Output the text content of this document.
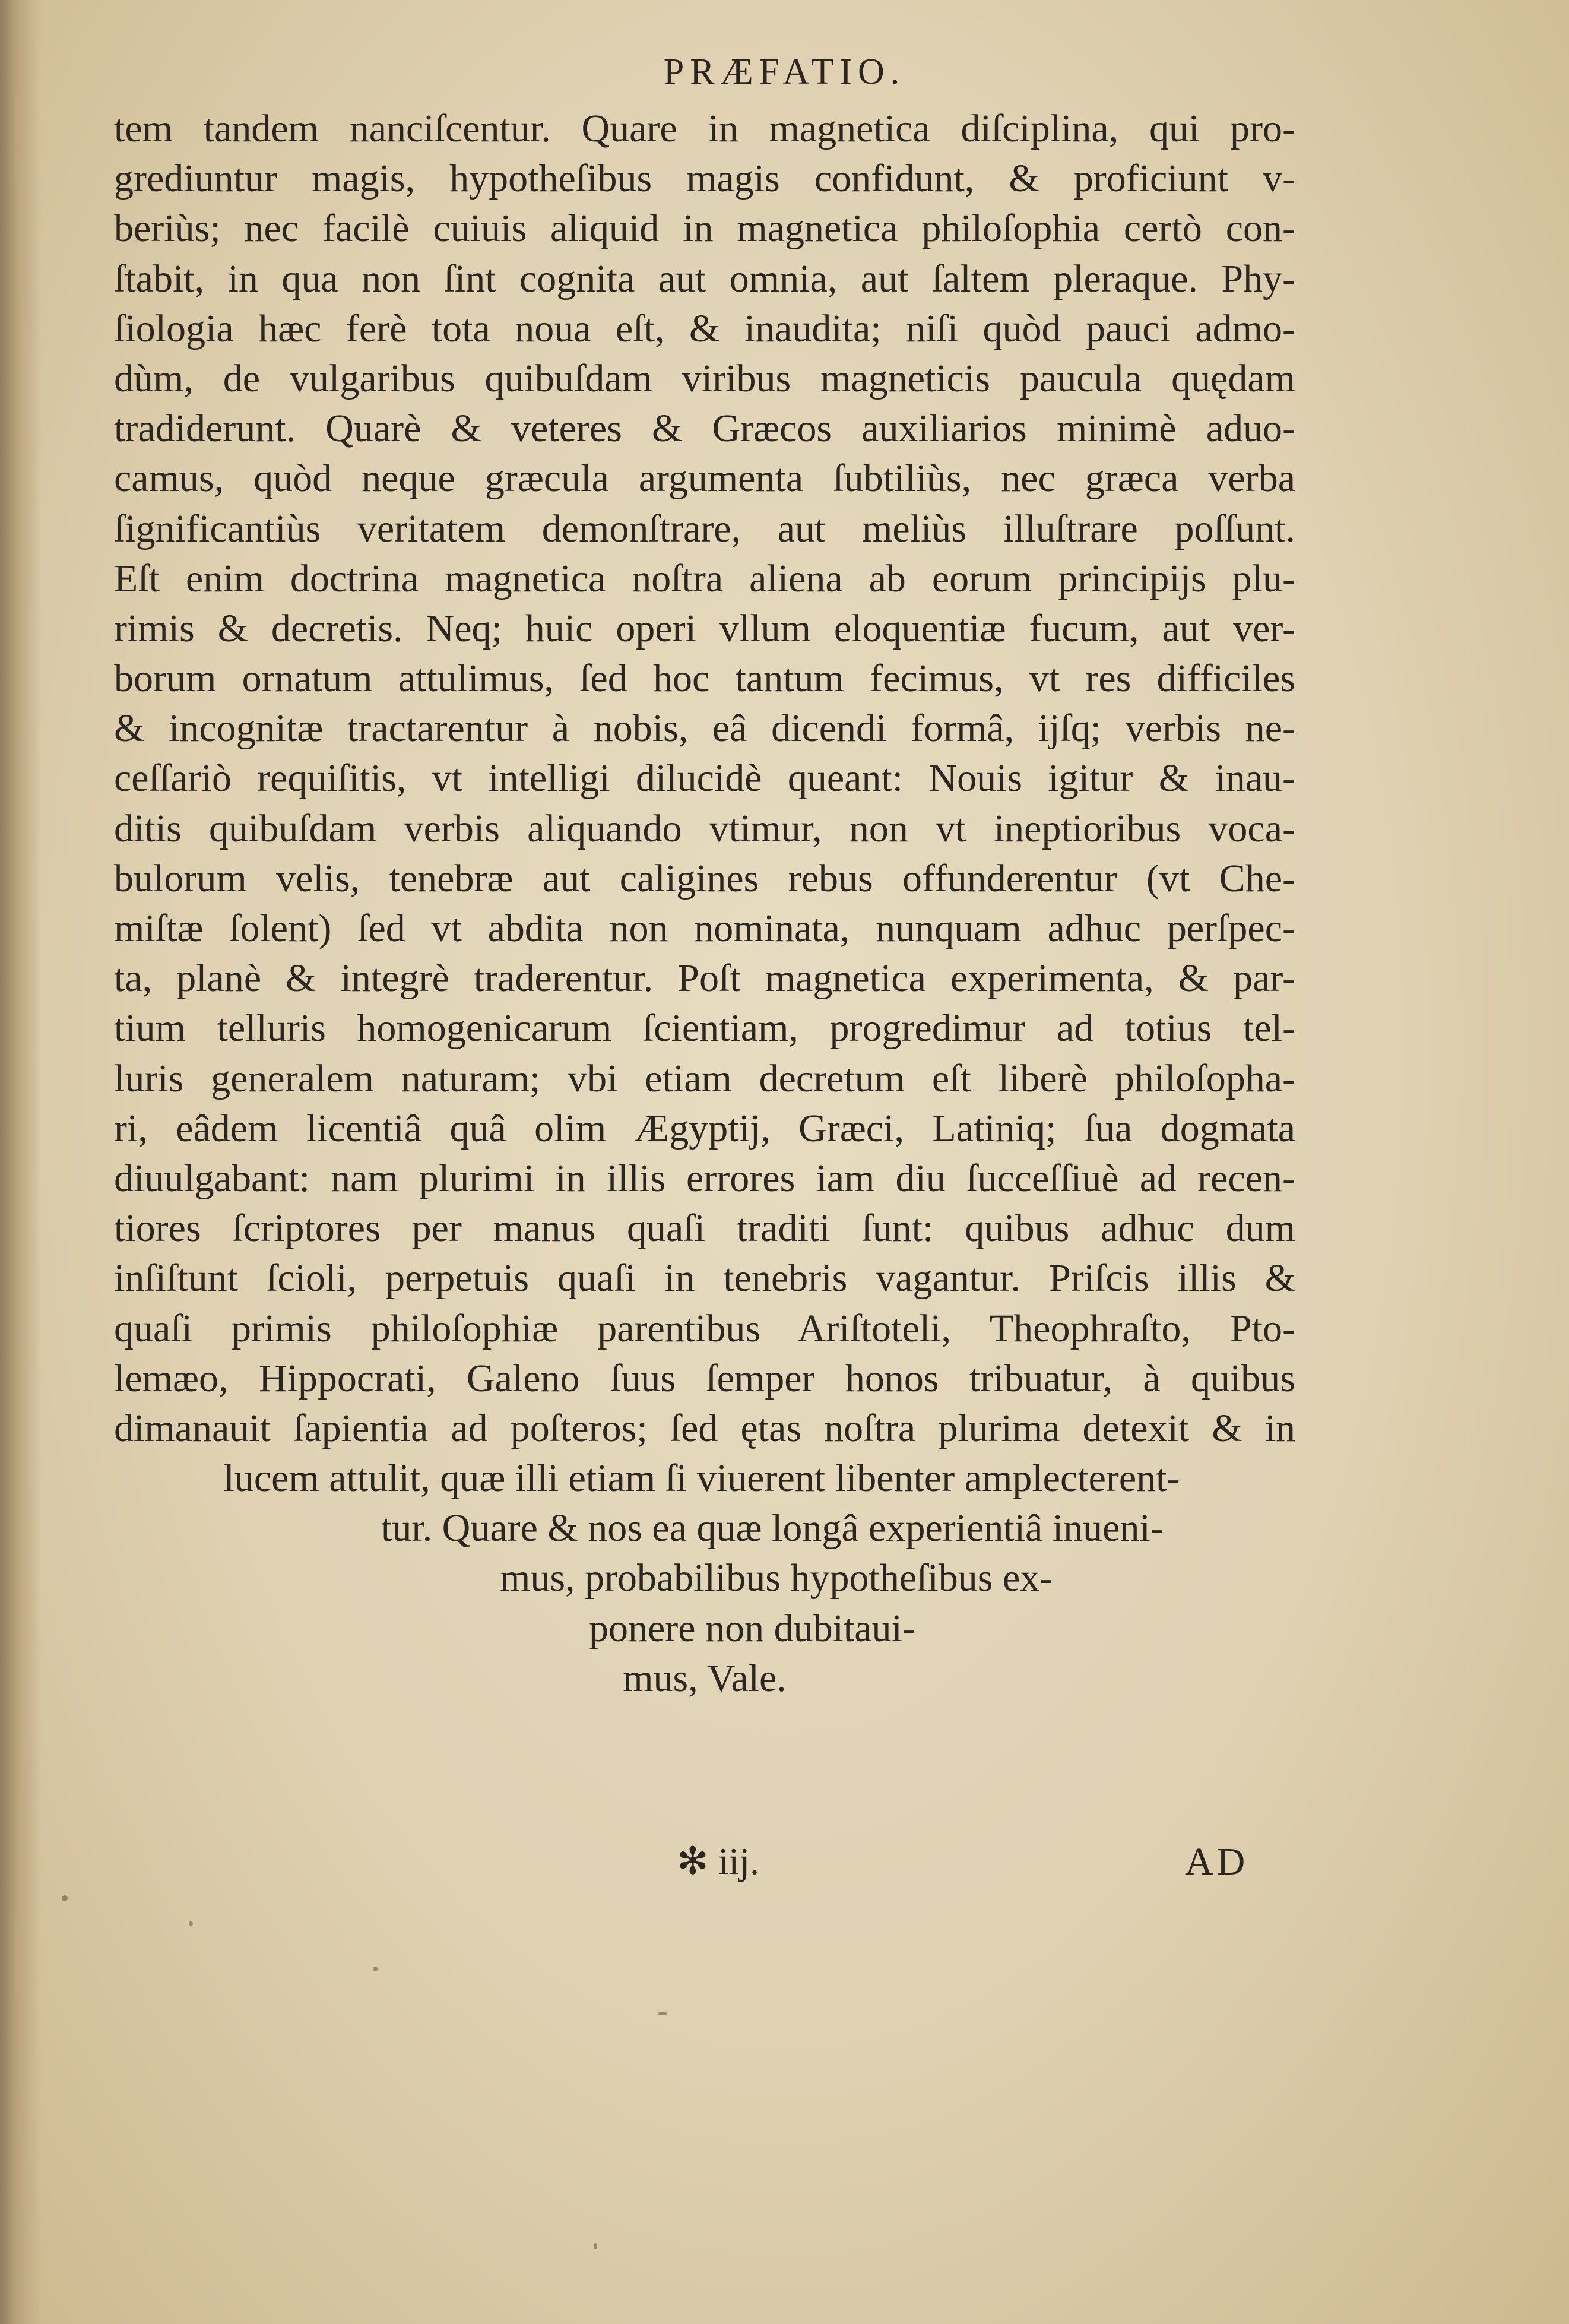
PRÆFATIO.
tem tandem nanciſcentur. Quare in magnetica diſciplina, qui pro-
grediuntur magis, hypotheſibus magis confidunt, & proficiunt v-
beriùs; nec facilè cuiuis aliquid in magnetica philoſophia certò con-
ſtabit, in qua non ſint cognita aut omnia, aut ſaltem pleraque. Phy-
ſiologia hæc ferè tota noua eſt, & inaudita; niſi quòd pauci admo-
dùm, de vulgaribus quibuſdam viribus magneticis paucula quędam
tradiderunt. Quarè & veteres & Græcos auxiliarios minimè aduo-
camus, quòd neque græcula argumenta ſubtiliùs, nec græca verba
ſignificantiùs veritatem demonſtrare, aut meliùs illuſtrare poſſunt.
Eſt enim doctrina magnetica noſtra aliena ab eorum principijs plu-
rimis & decretis. Neq; huic operi vllum eloquentiæ fucum, aut ver-
borum ornatum attulimus, ſed hoc tantum fecimus, vt res difficiles
& incognitæ tractarentur à nobis, eâ dicendi formâ, ijſq; verbis ne-
ceſſariò requiſitis, vt intelligi dilucidè queant: Nouis igitur & inau-
ditis quibuſdam verbis aliquando vtimur, non vt ineptioribus voca-
bulorum velis, tenebræ aut caligines rebus offunderentur (vt Che-
miſtæ ſolent) ſed vt abdita non nominata, nunquam adhuc perſpec-
ta, planè & integrè traderentur. Poſt magnetica experimenta, & par-
tium telluris homogenicarum ſcientiam, progredimur ad totius tel-
luris generalem naturam; vbi etiam decretum eſt liberè philoſopha-
ri, eâdem licentiâ quâ olim Ægyptij, Græci, Latiniq; ſua dogmata
diuulgabant: nam plurimi in illis errores iam diu ſucceſſiuè ad recen-
tiores ſcriptores per manus quaſi traditi ſunt: quibus adhuc dum
inſiſtunt ſcioli, perpetuis quaſi in tenebris vagantur. Priſcis illis &
quaſi primis philoſophiæ parentibus Ariſtoteli, Theophraſto, Pto-
lemæo, Hippocrati, Galeno ſuus ſemper honos tribuatur, à quibus
dimanauit ſapientia ad poſteros; ſed ętas noſtra plurima detexit & in
lucem attulit, quæ illi etiam ſi viuerent libenter amplecterent-
tur. Quare & nos ea quæ longâ experientiâ inueni-
mus, probabilibus hypotheſibus ex-
ponere non dubitaui-
mus, Vale.
✻ iij.	AD
